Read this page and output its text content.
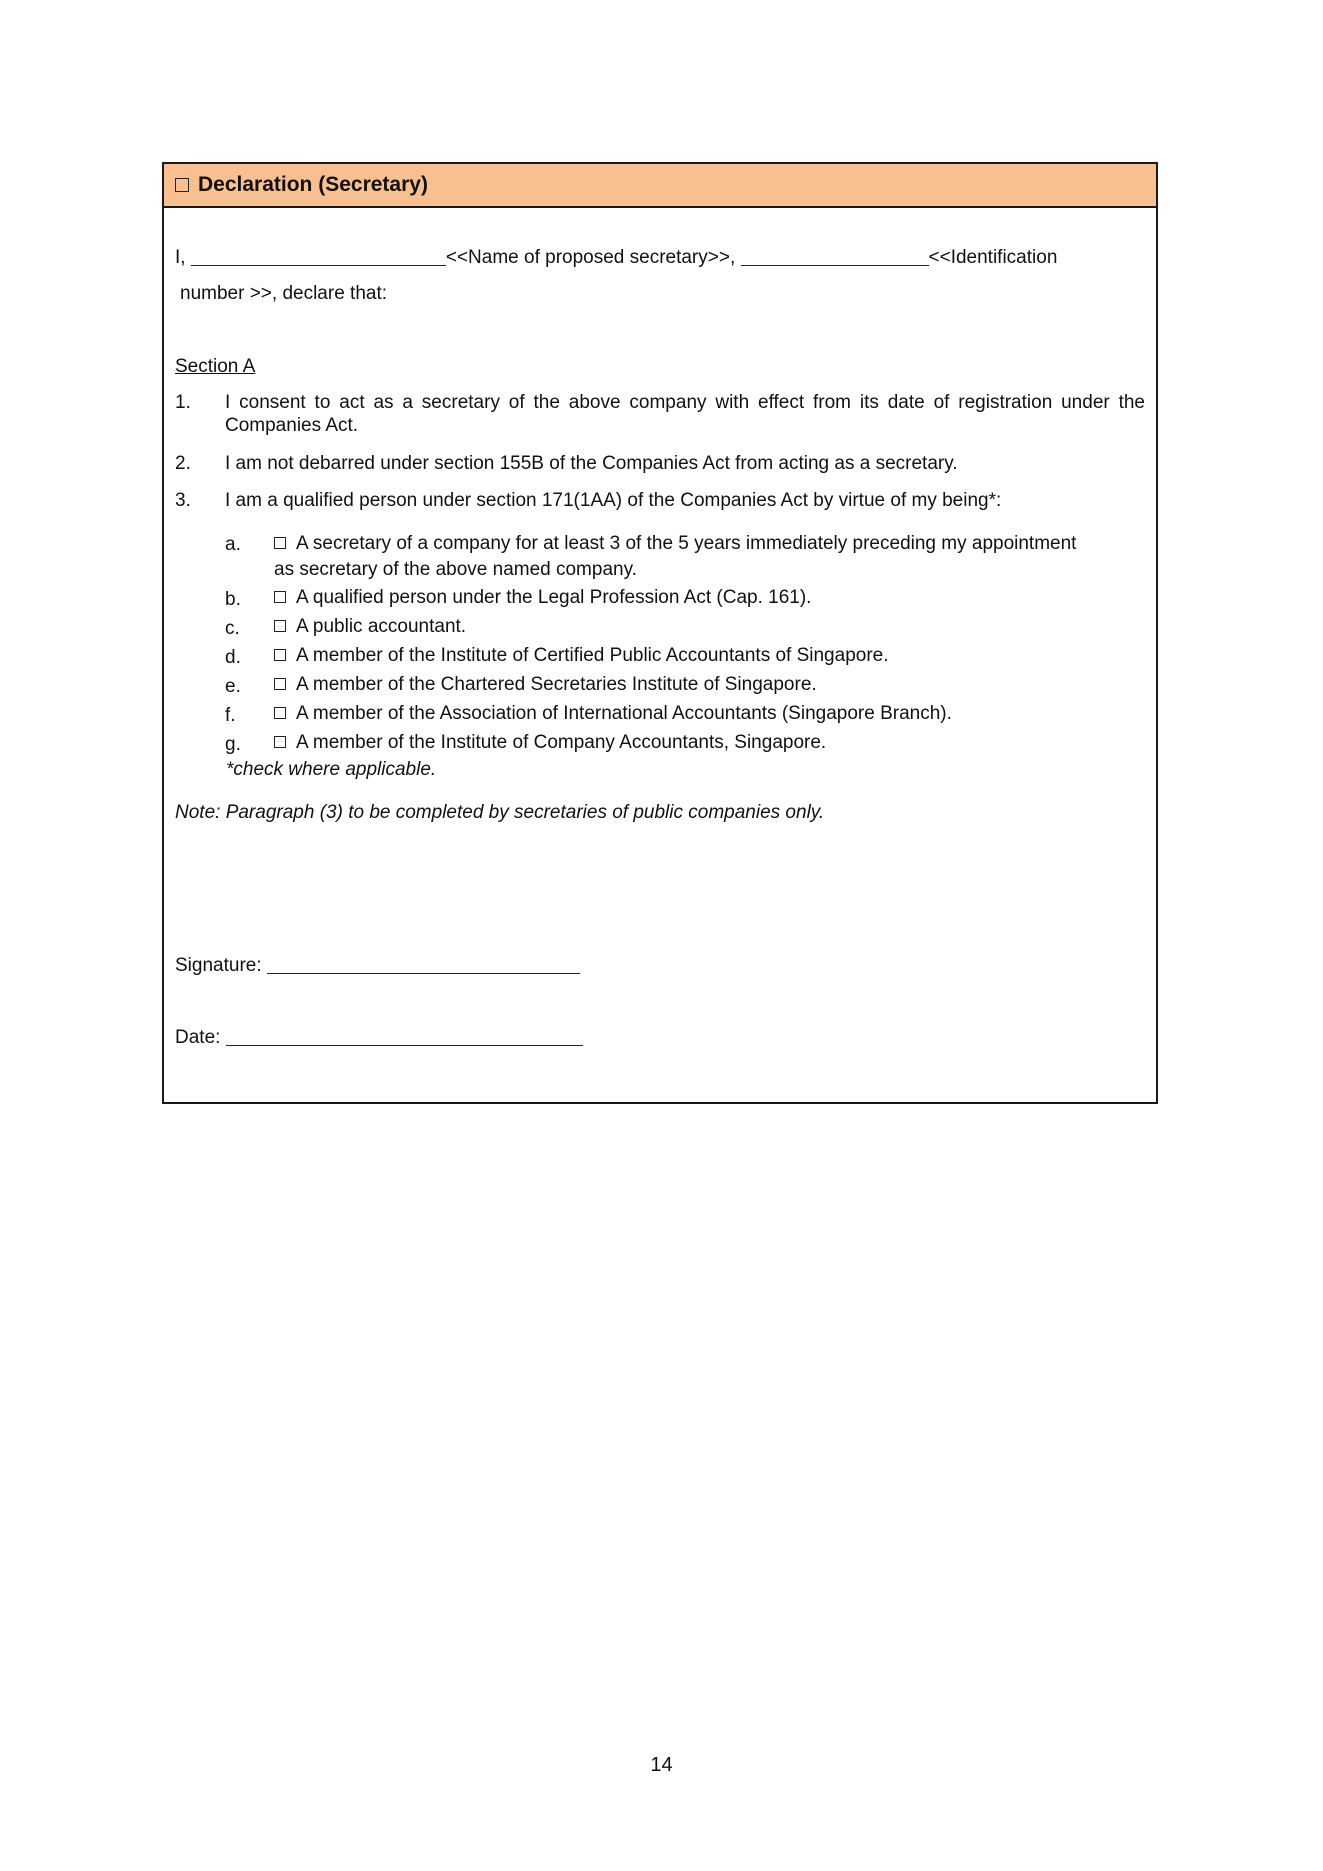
Declaration (Secretary)
I,	<<Name of proposed secretary>>,	<<Identification
number >>, declare that:
Section A
1. I consent to act as a secretary of the above company with effect from its date of registration under the Companies Act.
2. I am not debarred under section 155B of the Companies Act from acting as a secretary.
3. I am a qualified person under section 171(1AA) of the Companies Act by virtue of my being*:
a.	A secretary of a company for at least 3 of the 5 years immediately preceding my appointment
as secretary of the above named company.
b.	A qualified person under the Legal Profession Act (Cap. 161).
c.	A public accountant.
d.	A member of the Institute of Certified Public Accountants of Singapore.
e.	A member of the Chartered Secretaries Institute of Singapore.
f.	A member of the Association of International Accountants (Singapore Branch).
g.	A member of the Institute of Company Accountants, Singapore.
*check where applicable.
Note: Paragraph (3) to be completed by secretaries of public companies only.
Signature:
Date:
14
